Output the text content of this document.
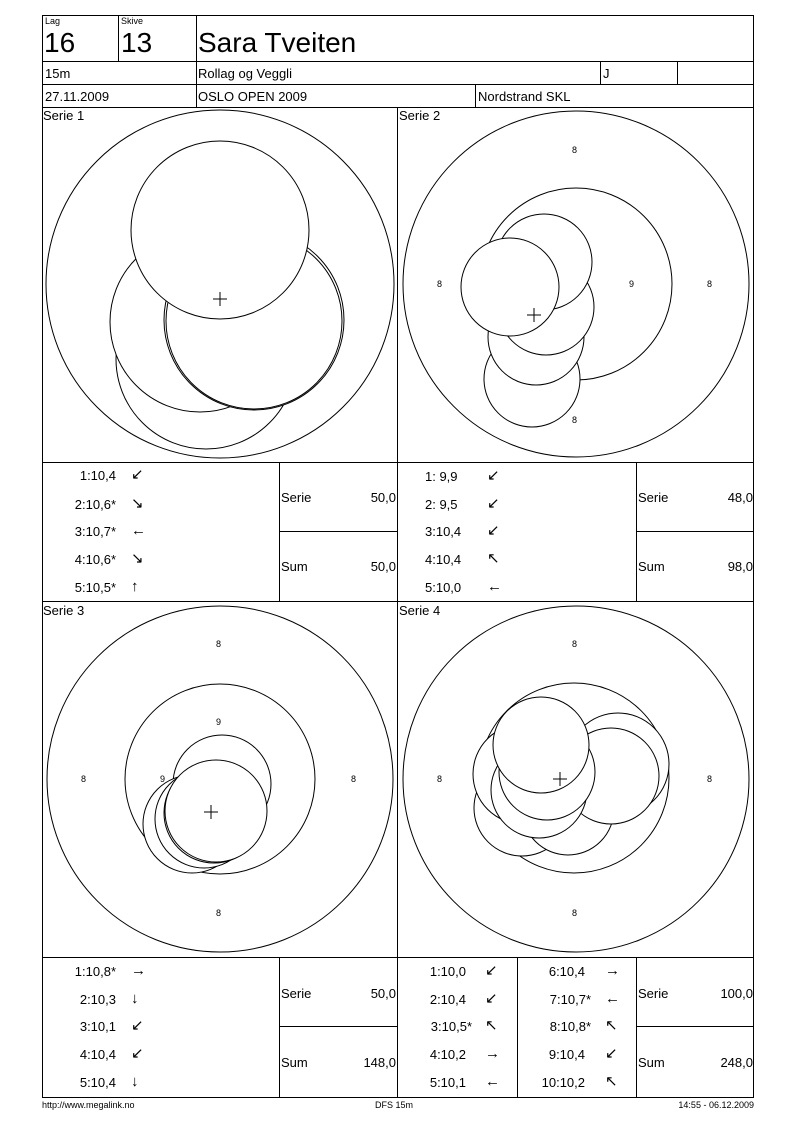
Lag
16
Skive
13 Sara Tveiten
15m	Rollag og Veggli	J
27.11.2009	OSLO OPEN 2009	Nordstrand SKL
Serie 1	Serie 2
Serie 3	Serie 4
8
8	9	8
8
8
9
8	9	8
8
8
8	8
8
1:10,4 ↙
2:10,6* ↘
3:10,7* ←
4:10,6* ↘
5:10,5* ↑
Serie	50,0
Sum	50,0
1: 9,9 ↙
2: 9,5 ↙
3:10,4 ↙
4:10,4 ↖
5:10,0 ←
Serie	48,0
Sum	98,0
1:10,8* →
2:10,3 ↓
3:10,1 ↙
4:10,4 ↙
5:10,4 ↓
Serie	50,0
Sum	148,0
1:10,0 ↙
2:10,4 ↙
3:10,5* ↖
4:10,2 →
5:10,1 ←
6:10,4 →
7:10,7* ←
8:10,8* ↖
9:10,4 ↙
10:10,2 ↖
Serie	100,0
Sum	248,0
http://www.megalink.no	DFS 15m	14:55 - 06.12.2009
